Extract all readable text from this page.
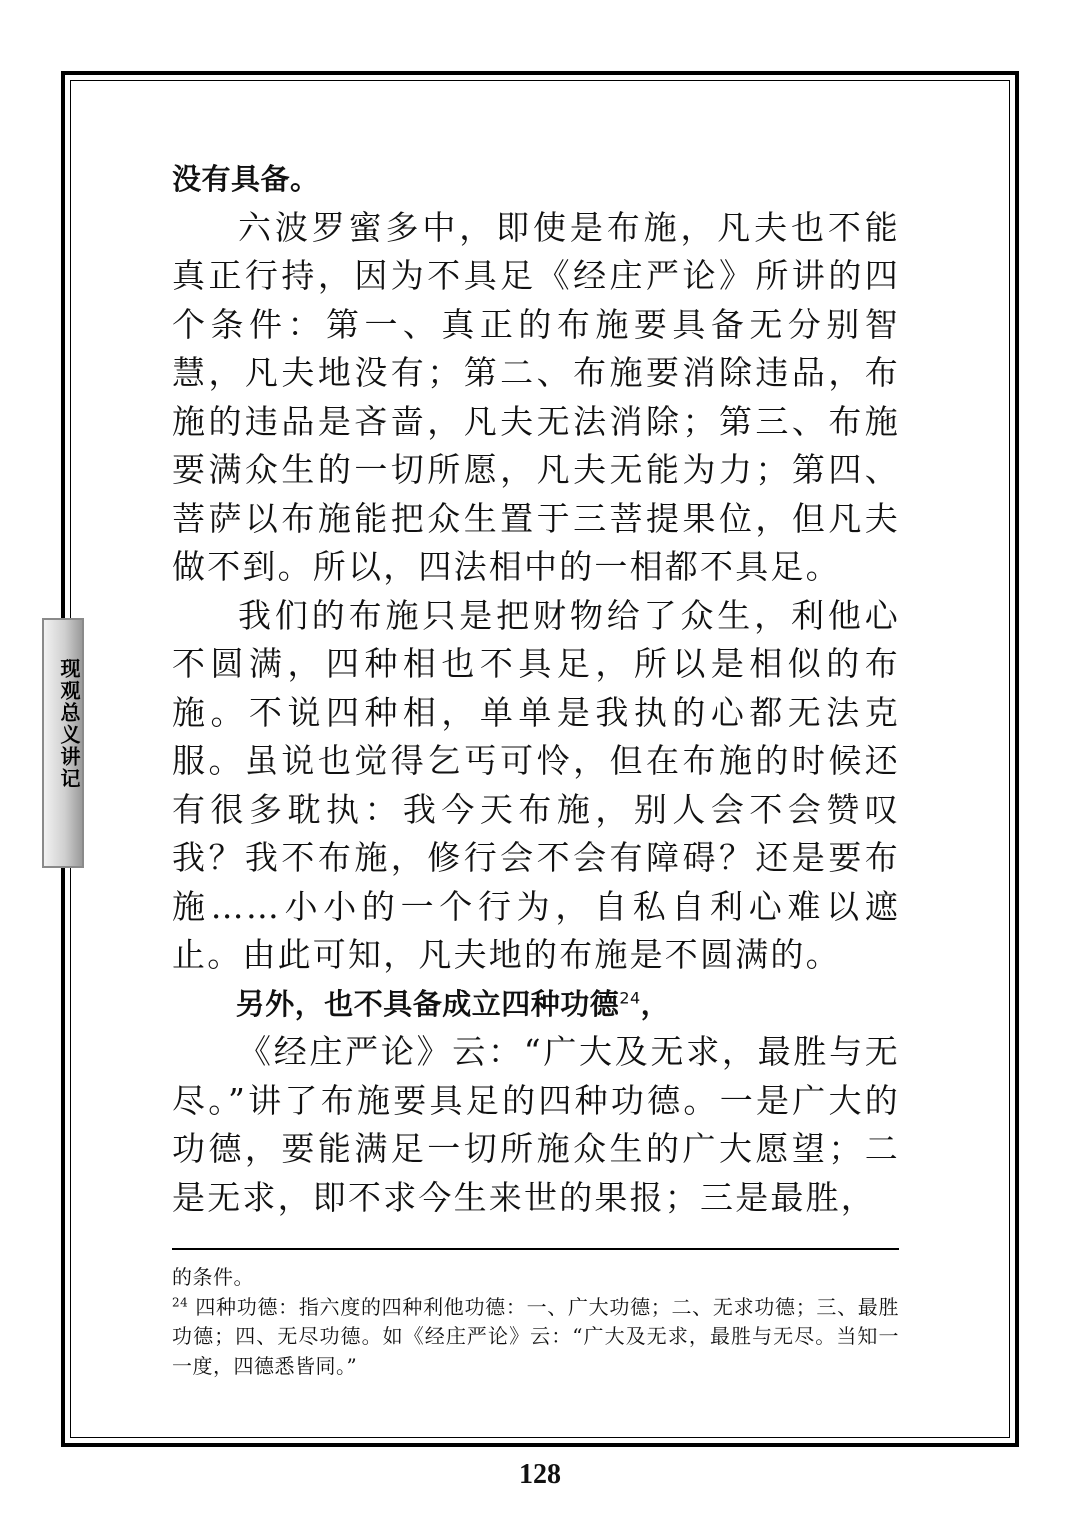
现观总义讲记

没有具备。

六波罗蜜多中，即使是布施，凡夫也不能真正行持，因为不具足《经庄严论》所讲的四个条件：第一、真正的布施要具备无分别智慧，凡夫地没有；第二、布施要消除违品，布施的违品是吝啬，凡夫无法消除；第三、布施要满众生的一切所愿，凡夫无能为力；第四、菩萨以布施能把众生置于三菩提果位，但凡夫做不到。所以，四法相中的一相都不具足。

我们的布施只是把财物给了众生，利他心不圆满，四种相也不具足，所以是相似的布施。不说四种相，单单是我执的心都无法克服。虽说也觉得乞丐可怜，但在布施的时候还有很多耽执：我今天布施，别人会不会赞叹我？我不布施，修行会不会有障碍？还是要布施……小小的一个行为，自私自利心难以遮止。由此可知，凡夫地的布施是不圆满的。

另外，也不具备成立四种功德$^{24}$，

《经庄严论》云：“广大及无求，最胜与无尽。”讲了布施要具足的四种功德。一是广大的功德，要能满足一切所施众生的广大愿望；二是无求，即不求今生来世的果报；三是最胜，

的条件。

$^{24}$ 四种功德：指六度的四种利他功德：一、广大功德；二、无求功德；三、最胜功德；四、无尽功德。如《经庄严论》云：“广大及无求，最胜与无尽。当知一一度，四德悉皆同。”

128
